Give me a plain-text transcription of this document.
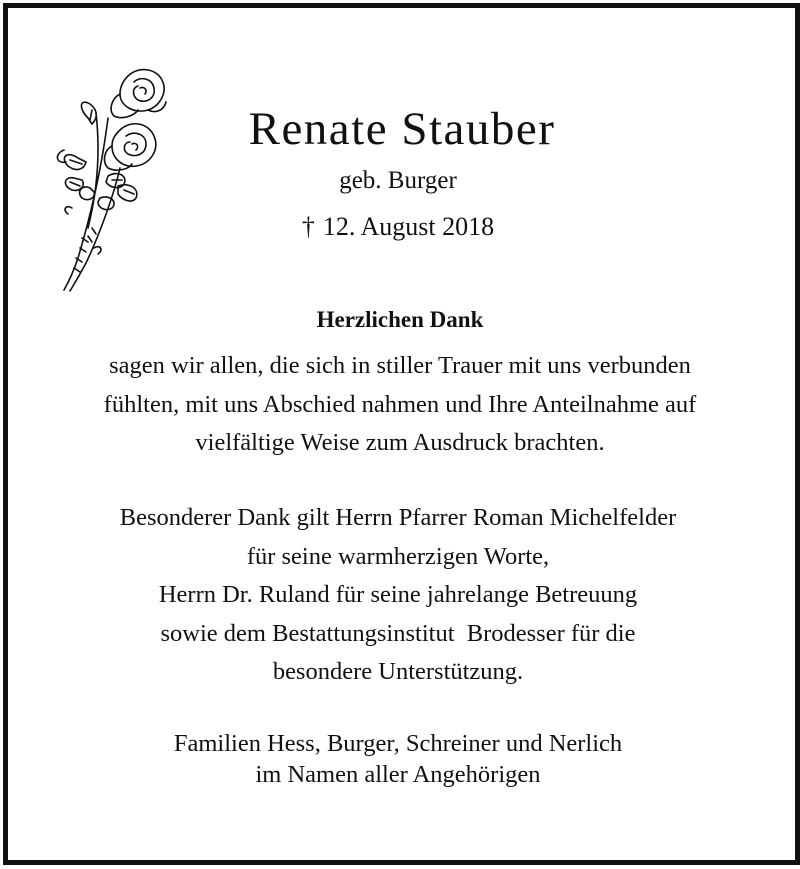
Renate Stauber
geb. Burger
† 12. August 2018
Herzlichen Dank
sagen wir allen, die sich in stiller Trauer mit uns verbunden
fühlten, mit uns Abschied nahmen und Ihre Anteilnahme auf
vielfältige Weise zum Ausdruck brachten.
Besonderer Dank gilt Herrn Pfarrer Roman Michelfelder
für seine warmherzigen Worte,
Herrn Dr. Ruland für seine jahrelange Betreuung
sowie dem Bestattungsinstitut  Brodesser für die
besondere Unterstützung.
Familien Hess, Burger, Schreiner und Nerlich
im Namen aller Angehörigen
